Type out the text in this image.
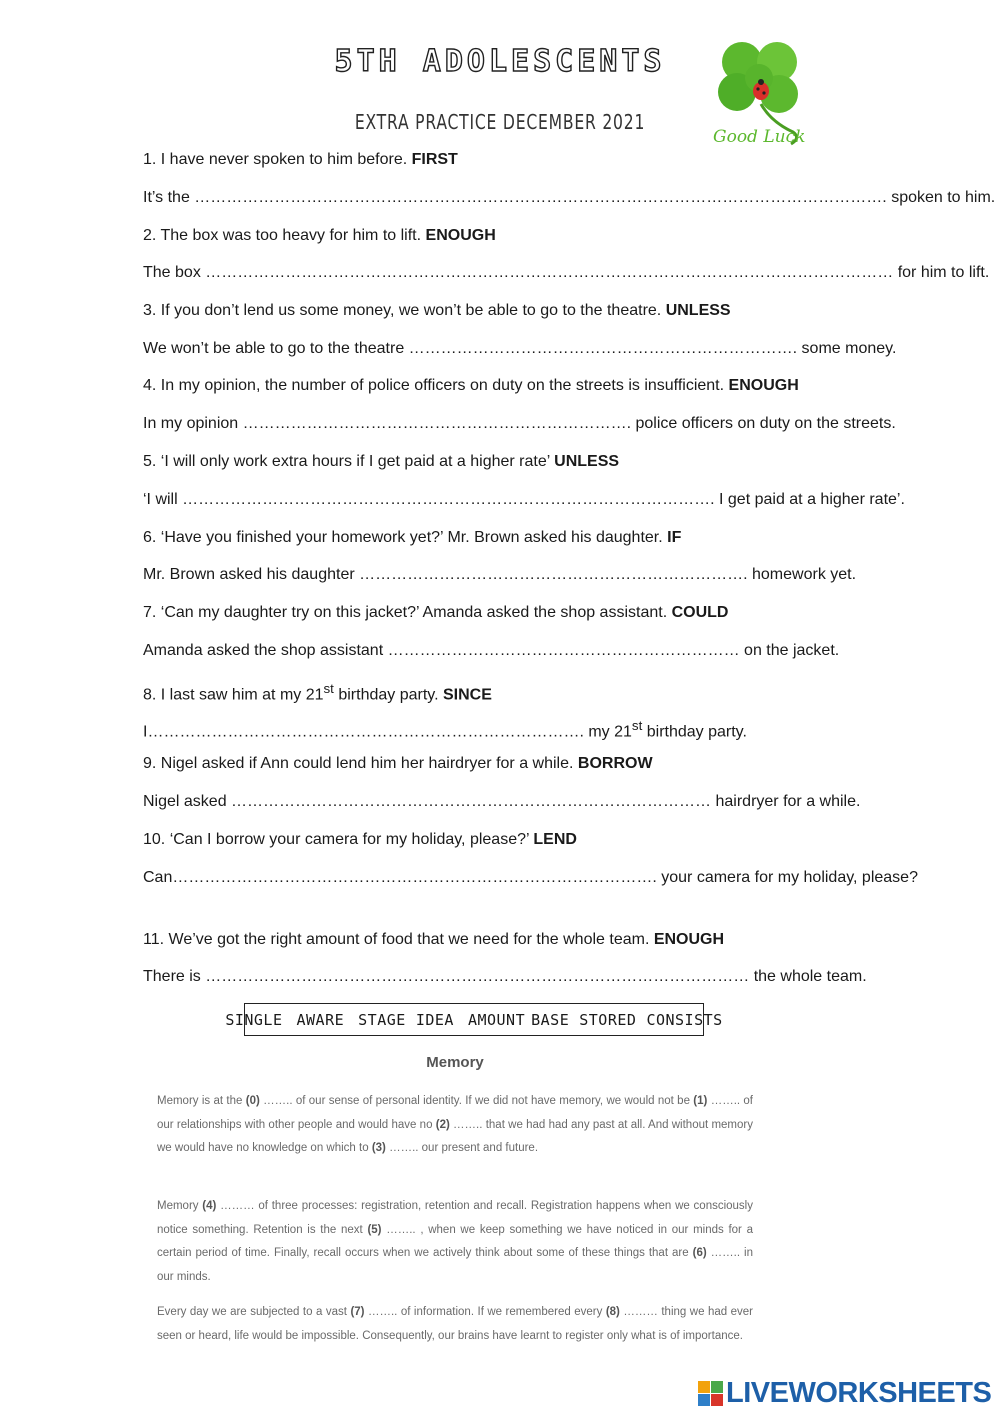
5TH ADOLESCENTS
EXTRA PRACTICE DECEMBER 2021
Good Luck
1. I have never spoken to him before. FIRST
It’s the …………………………………………………………………………………………………………………. spoken to him.
2. The box was too heavy for him to lift. ENOUGH
The box ………………………………………………………………………………………………………………… for him to lift.
3. If you don’t lend us some money, we won’t be able to go to the theatre. UNLESS
We won’t be able to go to the theatre ………………………………………………………………. some money.
4. In my opinion, the number of police officers on duty on the streets is insufficient. ENOUGH
In my opinion ………………………………………………………………. police officers on duty on the streets.
5. ‘I will only work extra hours if I get paid at a higher rate’ UNLESS
‘I will ………………………………………………………………………………………. I get paid at a higher rate’.
6. ‘Have you finished your homework yet?’ Mr. Brown asked his daughter. IF
Mr. Brown asked his daughter ………………………………………………………………. homework yet.
7. ‘Can my daughter try on this jacket?’ Amanda asked the shop assistant. COULD
Amanda asked the shop assistant ………………………………………………………… on the jacket.
8. I last saw him at my 21st birthday party. SINCE
I………………………………………………………………………. my 21st birthday party.
9. Nigel asked if Ann could lend him her hairdryer for a while. BORROW
Nigel asked ……………………………………………………………………………… hairdryer for a while.
10. ‘Can I borrow your camera for my holiday, please?’ LEND
Can………………………………………………………………………………. your camera for my holiday, please?
11. We’ve got the right amount of food that we need for the whole team. ENOUGH
There is ………………………………………………………………………………………… the whole team.
SINGLE AWARE STAGE IDEA AMOUNT BASE STORED CONSISTS
Memory
Memory is at the (0) …….. of our sense of personal identity. If we did not have memory, we would not be (1) …….. of our relationships with other people and would have no (2) …….. that we had had any past at all. And without memory we would have no knowledge on which to (3) …….. our present and future.
Memory (4) ……… of three processes: registration, retention and recall. Registration happens when we consciously notice something. Retention is the next (5) …….. , when we keep something we have noticed in our minds for a certain period of time. Finally, recall occurs when we actively think about some of these things that are (6) …….. in our minds.
Every day we are subjected to a vast (7) …….. of information. If we remembered every (8) ……… thing we had ever seen or heard, life would be impossible. Consequently, our brains have learnt to register only what is of importance.
LIVEWORKSHEETS
